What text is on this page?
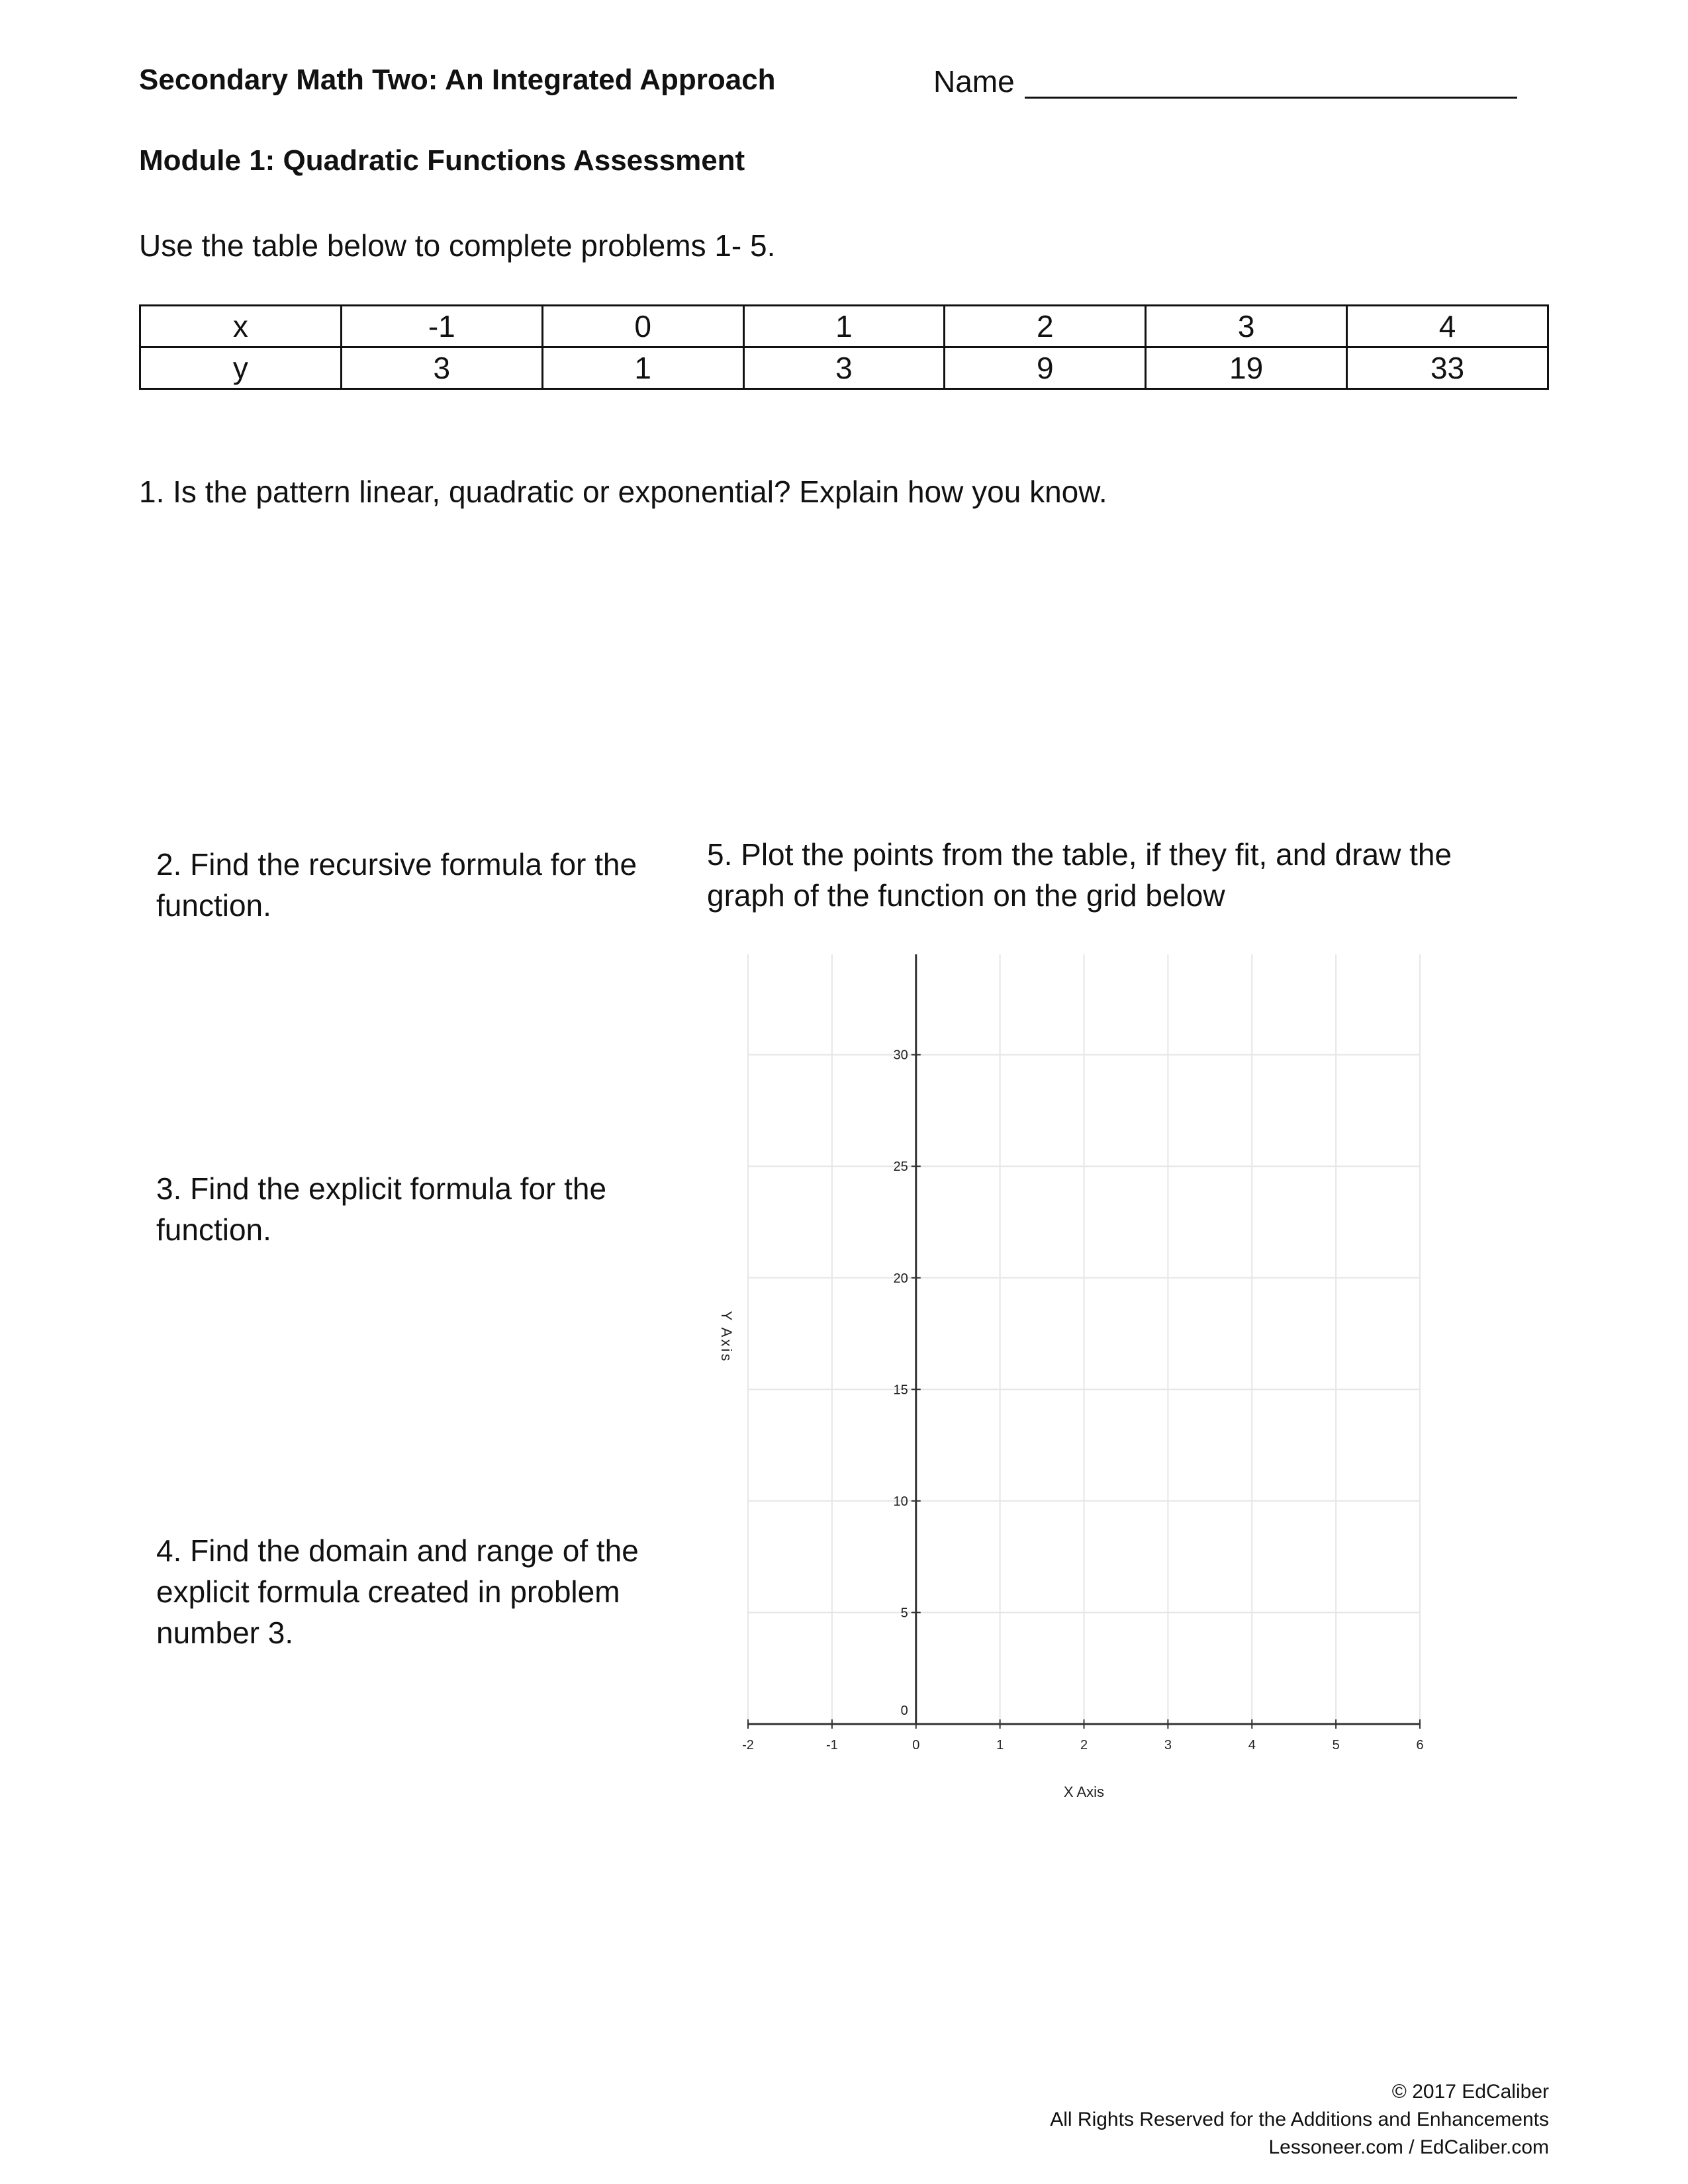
Secondary Math Two: An Integrated Approach	Name
Module 1: Quadratic Functions Assessment
Use the table below to complete problems 1- 5.
x	-1	0	1	2	3	4
y	3	1	3	9	19	33
1. Is the pattern linear, quadratic or exponential? Explain how you know.
2. Find the recursive formula for the
function.
3. Find the explicit formula for the
function.
4. Find the domain and range of the
explicit formula created in problem
number 3.
5. Plot the points from the table, if they fit, and draw the
graph of the function on the grid below
-2	-1	0	1	2	3	4	5	6
0
5
10
15
20
25
30
X Axis
Y Axis
© 2017 EdCaliber
All Rights Reserved for the Additions and Enhancements
Lessoneer.com / EdCaliber.com
